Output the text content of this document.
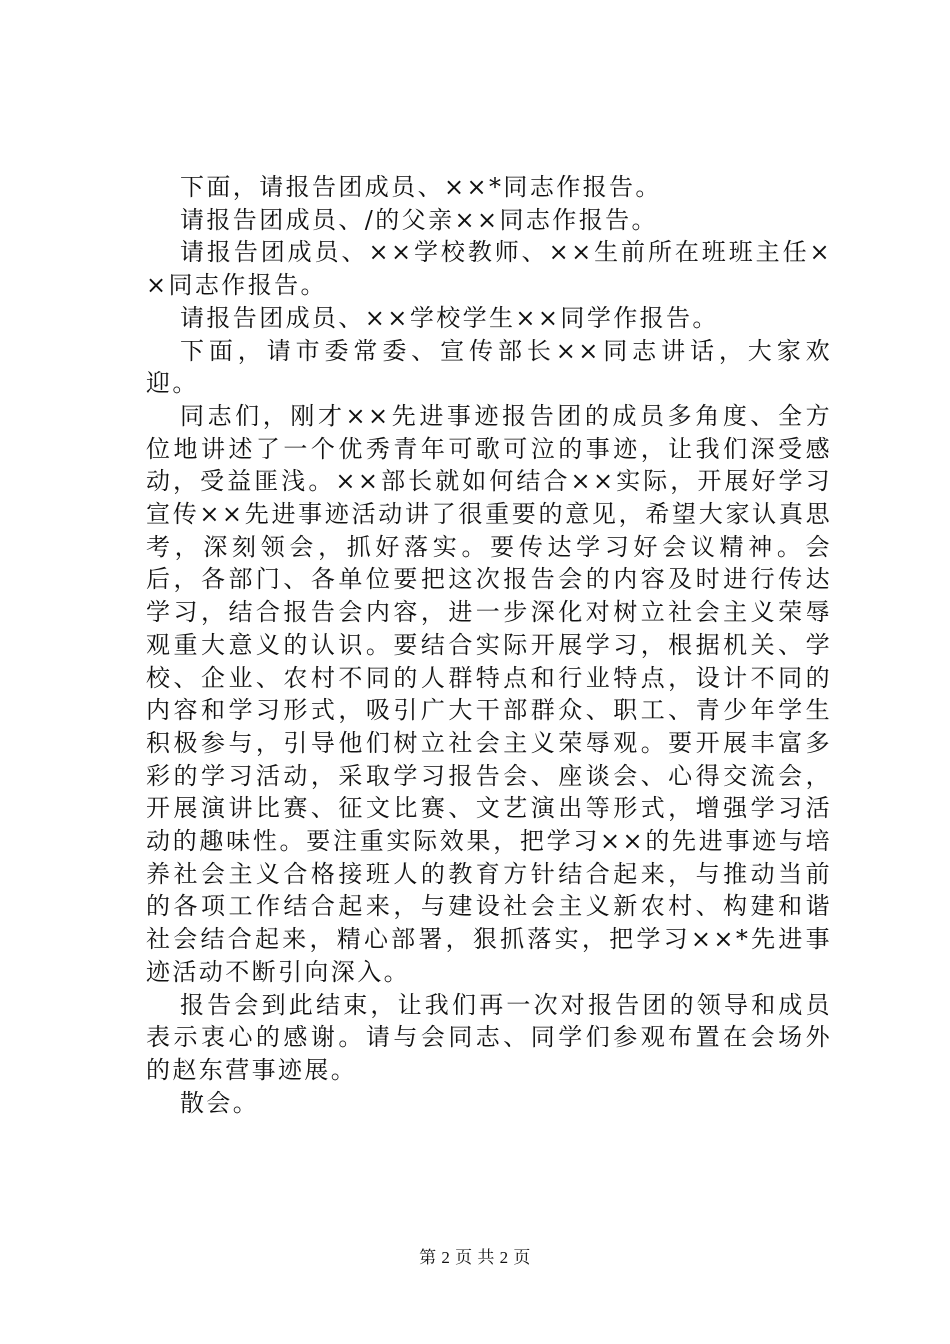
下面，请报告团成员、××*同志作报告。

请报告团成员、/的父亲××同志作报告。

请报告团成员、××学校教师、××生前所在班班主任××同志作报告。

请报告团成员、××学校学生××同学作报告。

下面，请市委常委、宣传部长××同志讲话，大家欢迎。

同志们，刚才××先进事迹报告团的成员多角度、全方位地讲述了一个优秀青年可歌可泣的事迹，让我们深受感动，受益匪浅。××部长就如何结合××实际，开展好学习宣传××先进事迹活动讲了很重要的意见，希望大家认真思考，深刻领会，抓好落实。要传达学习好会议精神。会后，各部门、各单位要把这次报告会的内容及时进行传达学习，结合报告会内容，进一步深化对树立社会主义荣辱观重大意义的认识。要结合实际开展学习，根据机关、学校、企业、农村不同的人群特点和行业特点，设计不同的内容和学习形式，吸引广大干部群众、职工、青少年学生积极参与，引导他们树立社会主义荣辱观。要开展丰富多彩的学习活动，采取学习报告会、座谈会、心得交流会，开展演讲比赛、征文比赛、文艺演出等形式，增强学习活动的趣味性。要注重实际效果，把学习××的先进事迹与培养社会主义合格接班人的教育方针结合起来，与推动当前的各项工作结合起来，与建设社会主义新农村、构建和谐社会结合起来，精心部署，狠抓落实，把学习××*先进事迹活动不断引向深入。

报告会到此结束，让我们再一次对报告团的领导和成员表示衷心的感谢。请与会同志、同学们参观布置在会场外的赵东营事迹展。

散会。

第 2 页 共 2 页
